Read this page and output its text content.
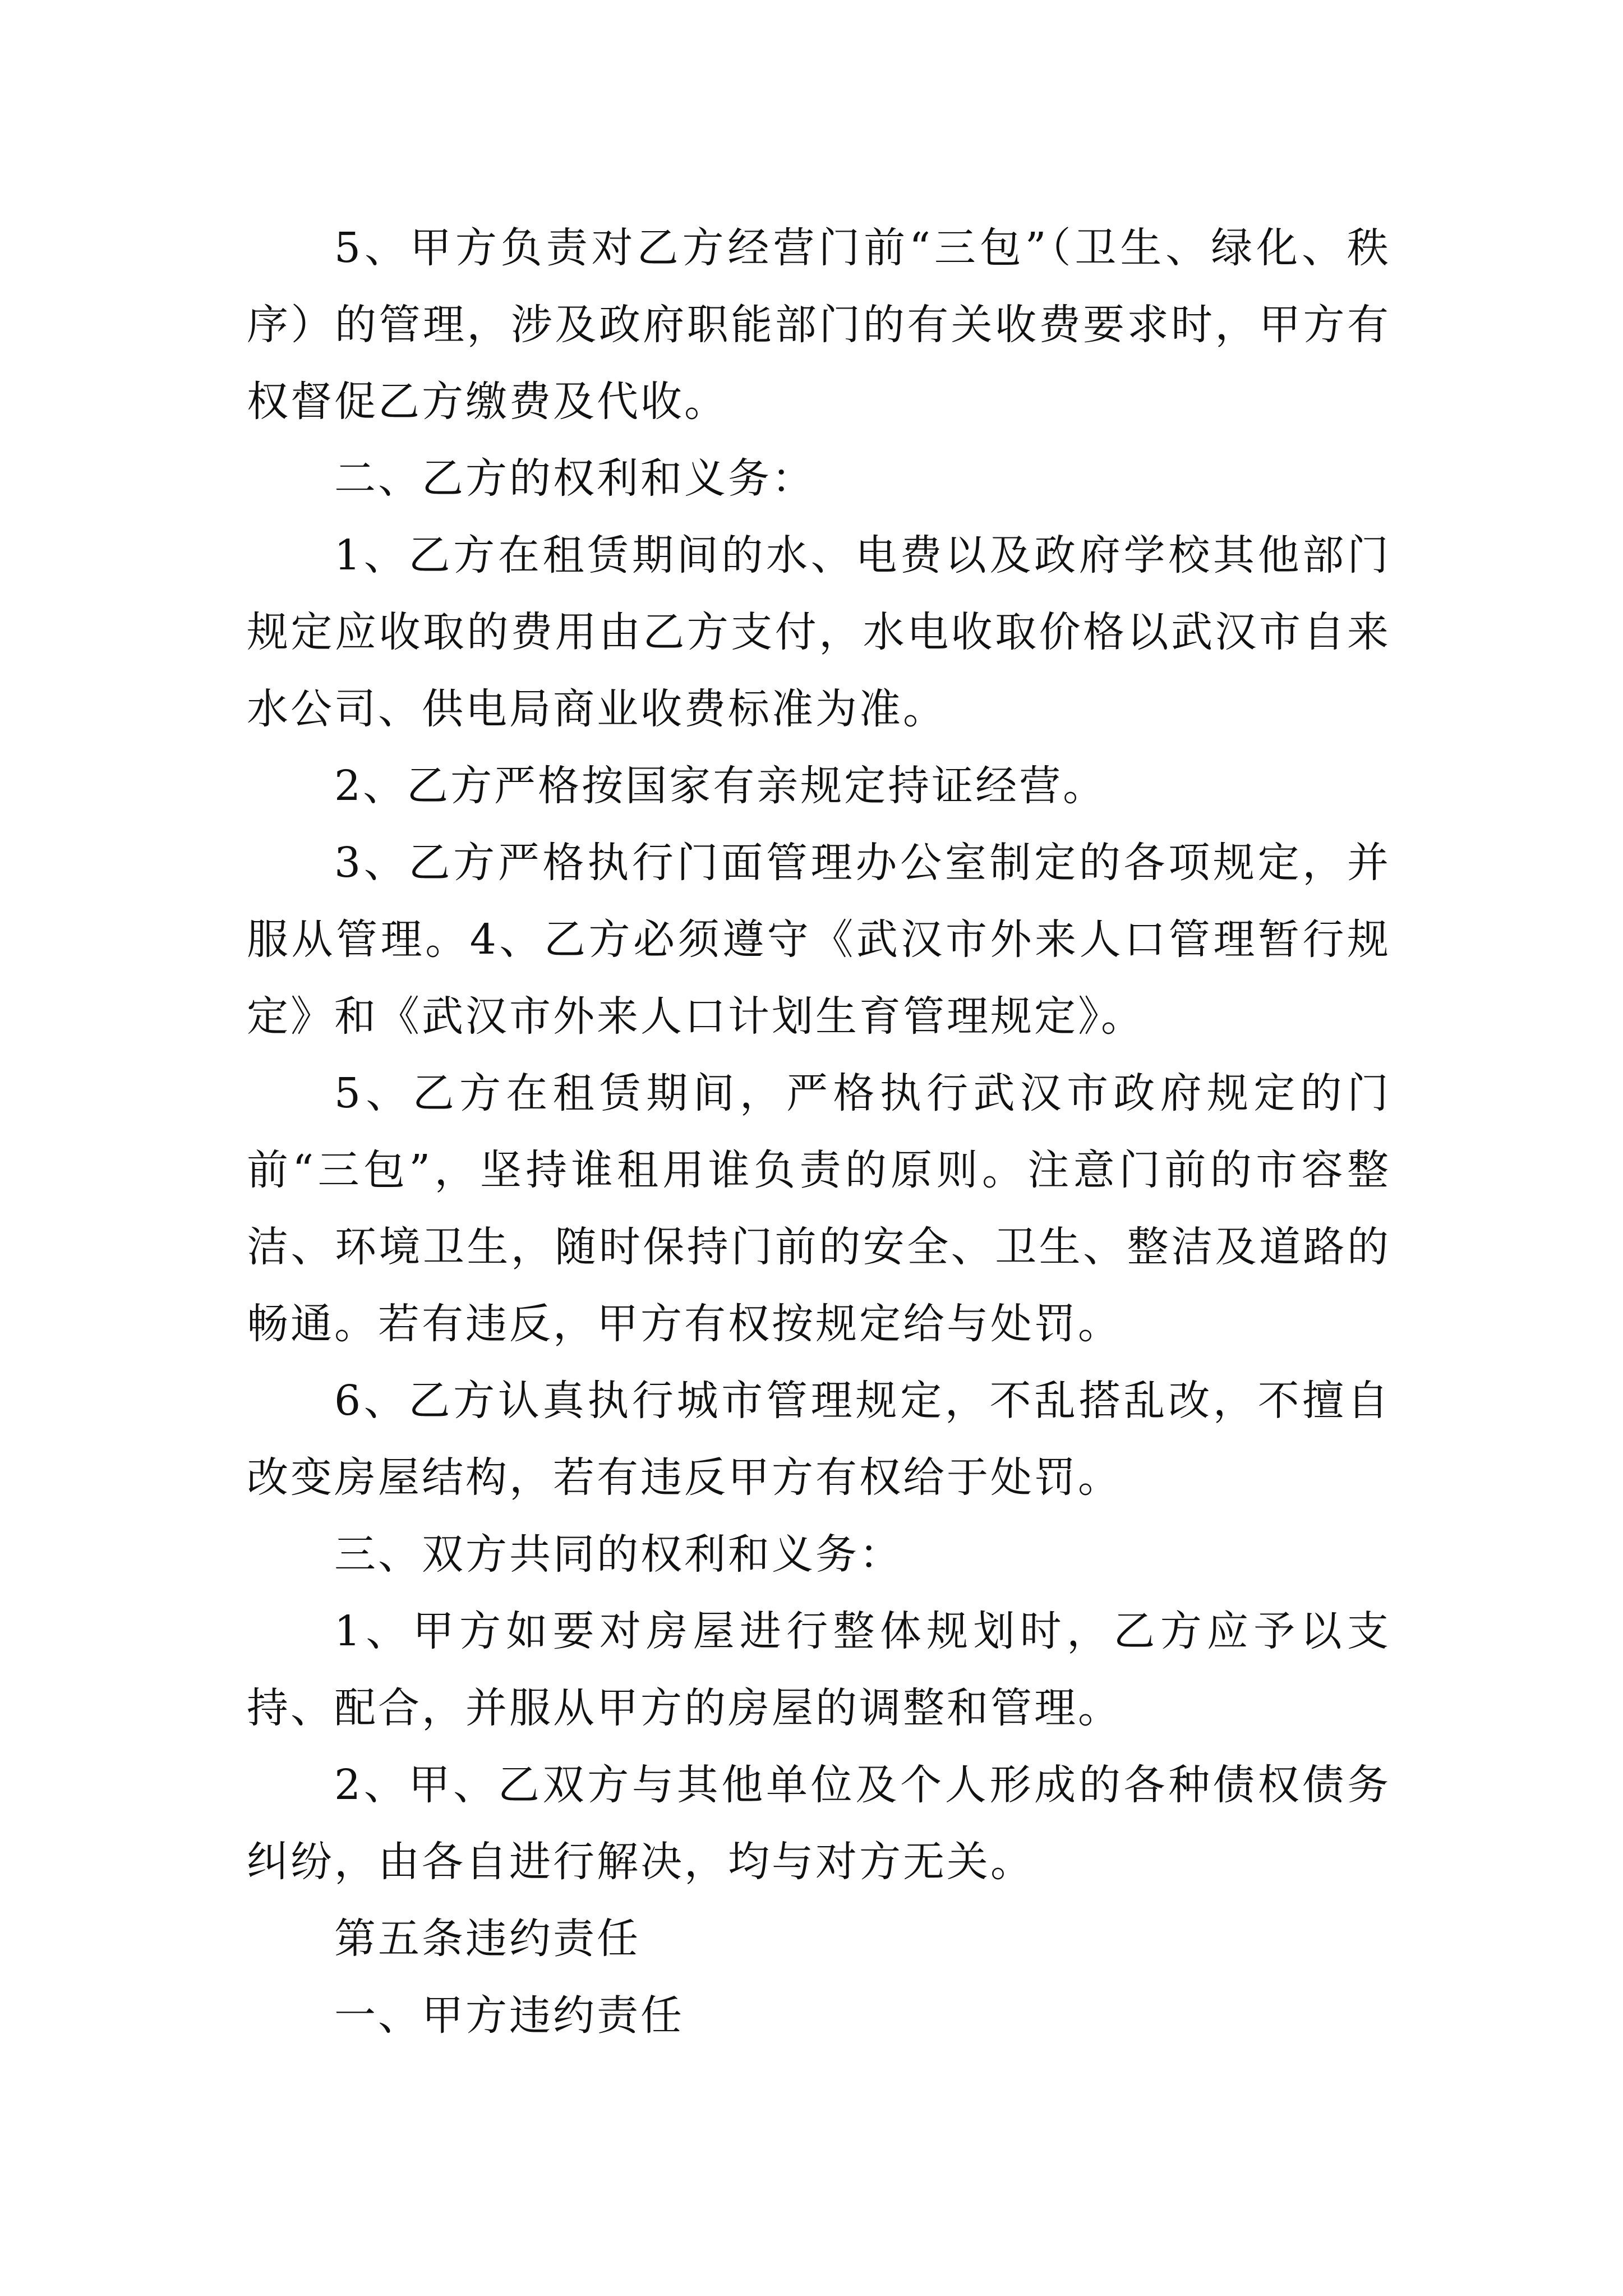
5、甲方负责对乙方经营门前“三包”（卫生、绿化、秩序）的管理，涉及政府职能部门的有关收费要求时，甲方有权督促乙方缴费及代收。

二、乙方的权利和义务：

1、乙方在租赁期间的水、电费以及政府学校其他部门规定应收取的费用由乙方支付，水电收取价格以武汉市自来水公司、供电局商业收费标准为准。

2、乙方严格按国家有亲规定持证经营。

3、乙方严格执行门面管理办公室制定的各项规定，并服从管理。4、乙方必须遵守《武汉市外来人口管理暂行规定》和《武汉市外来人口计划生育管理规定》。

5、乙方在租赁期间，严格执行武汉市政府规定的门前“三包”，坚持谁租用谁负责的原则。注意门前的市容整洁、环境卫生，随时保持门前的安全、卫生、整洁及道路的畅通。若有违反，甲方有权按规定给与处罚。

6、乙方认真执行城市管理规定，不乱搭乱改，不擅自改变房屋结构，若有违反甲方有权给于处罚。

三、双方共同的权利和义务：

1、甲方如要对房屋进行整体规划时，乙方应予以支持、配合，并服从甲方的房屋的调整和管理。

2、甲、乙双方与其他单位及个人形成的各种债权债务纠纷，由各自进行解决，均与对方无关。

第五条违约责任

一、甲方违约责任
